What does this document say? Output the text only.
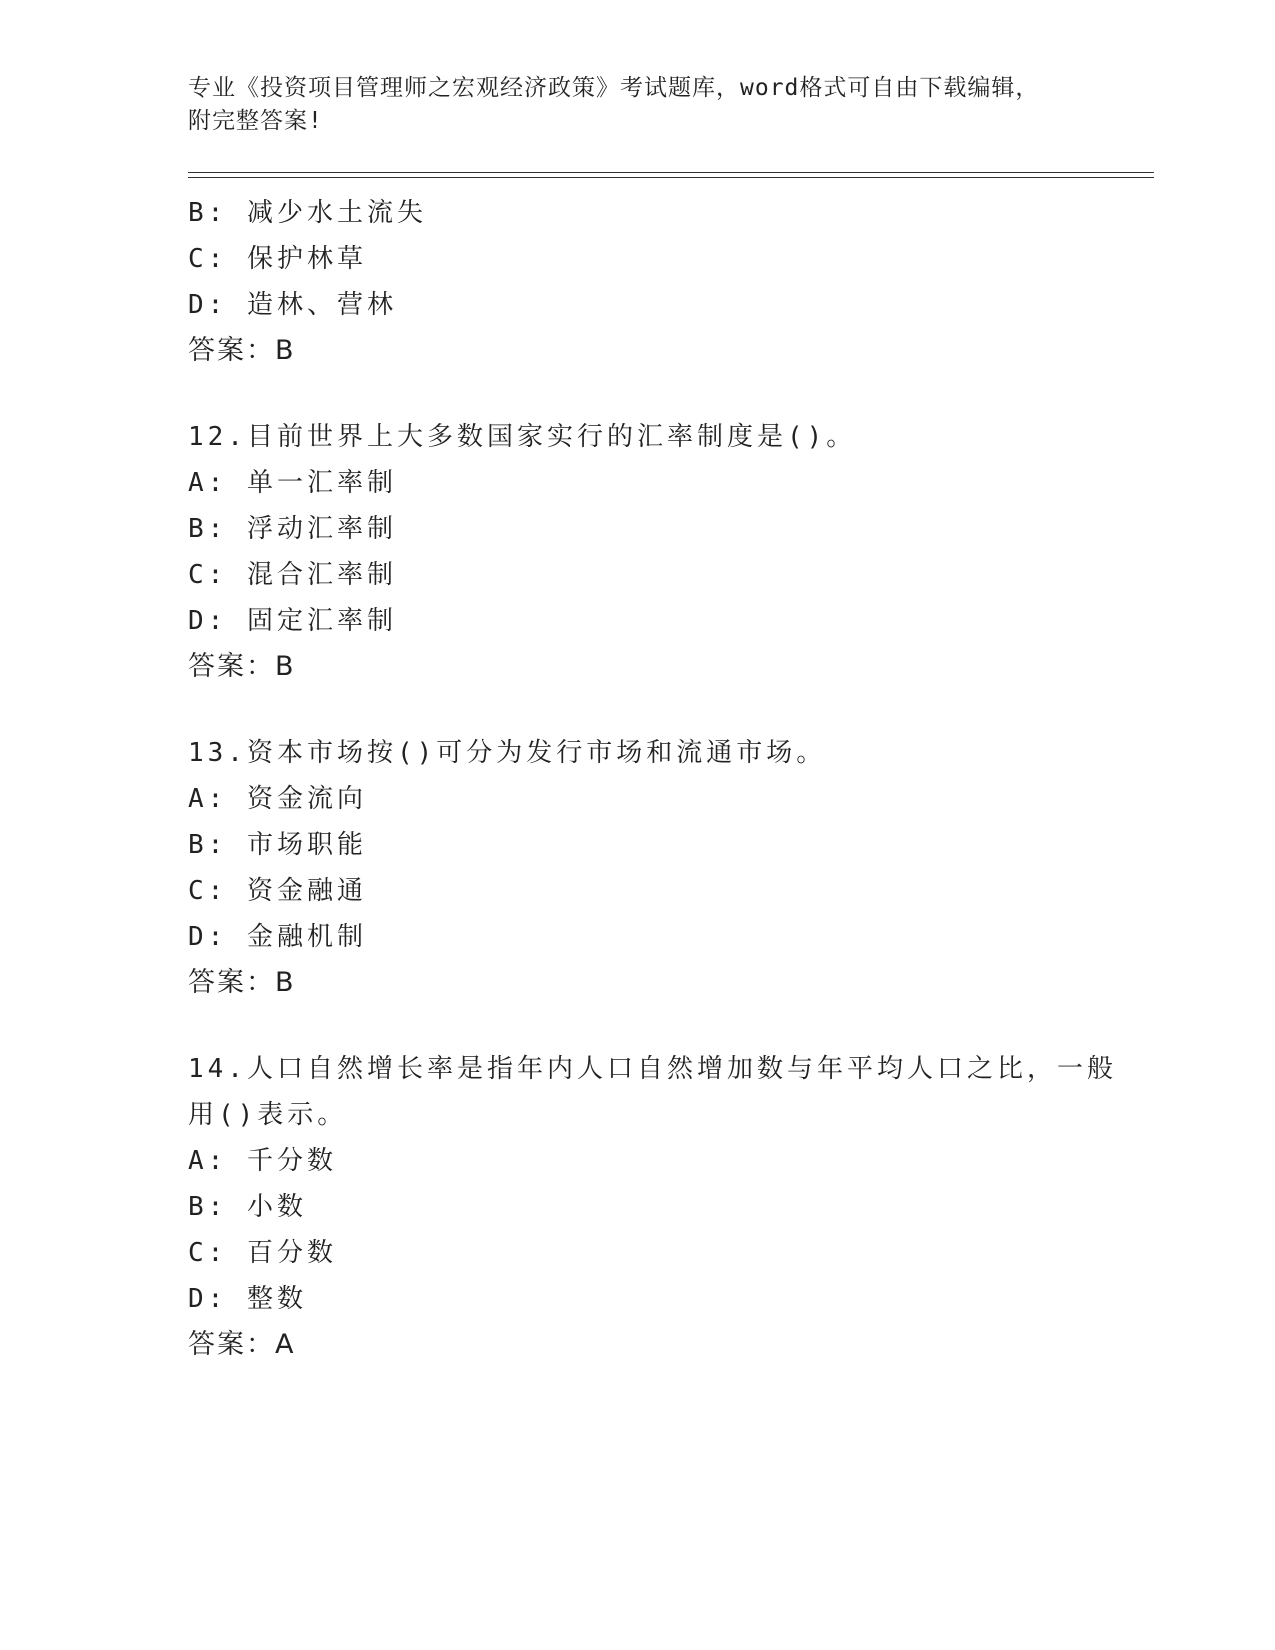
专业《投资项目管理师之宏观经济政策》考试题库，word格式可自由下载编辑，
附完整答案!
B: 减少水土流失
C: 保护林草
D: 造林、营林
答案：B
12.目前世界上大多数国家实行的汇率制度是()。
A: 单一汇率制
B: 浮动汇率制
C: 混合汇率制
D: 固定汇率制
答案：B
13.资本市场按()可分为发行市场和流通市场。
A: 资金流向
B: 市场职能
C: 资金融通
D: 金融机制
答案：B
14.人口自然增长率是指年内人口自然增加数与年平均人口之比，一般
用()表示。
A: 千分数
B: 小数
C: 百分数
D: 整数
答案：A
